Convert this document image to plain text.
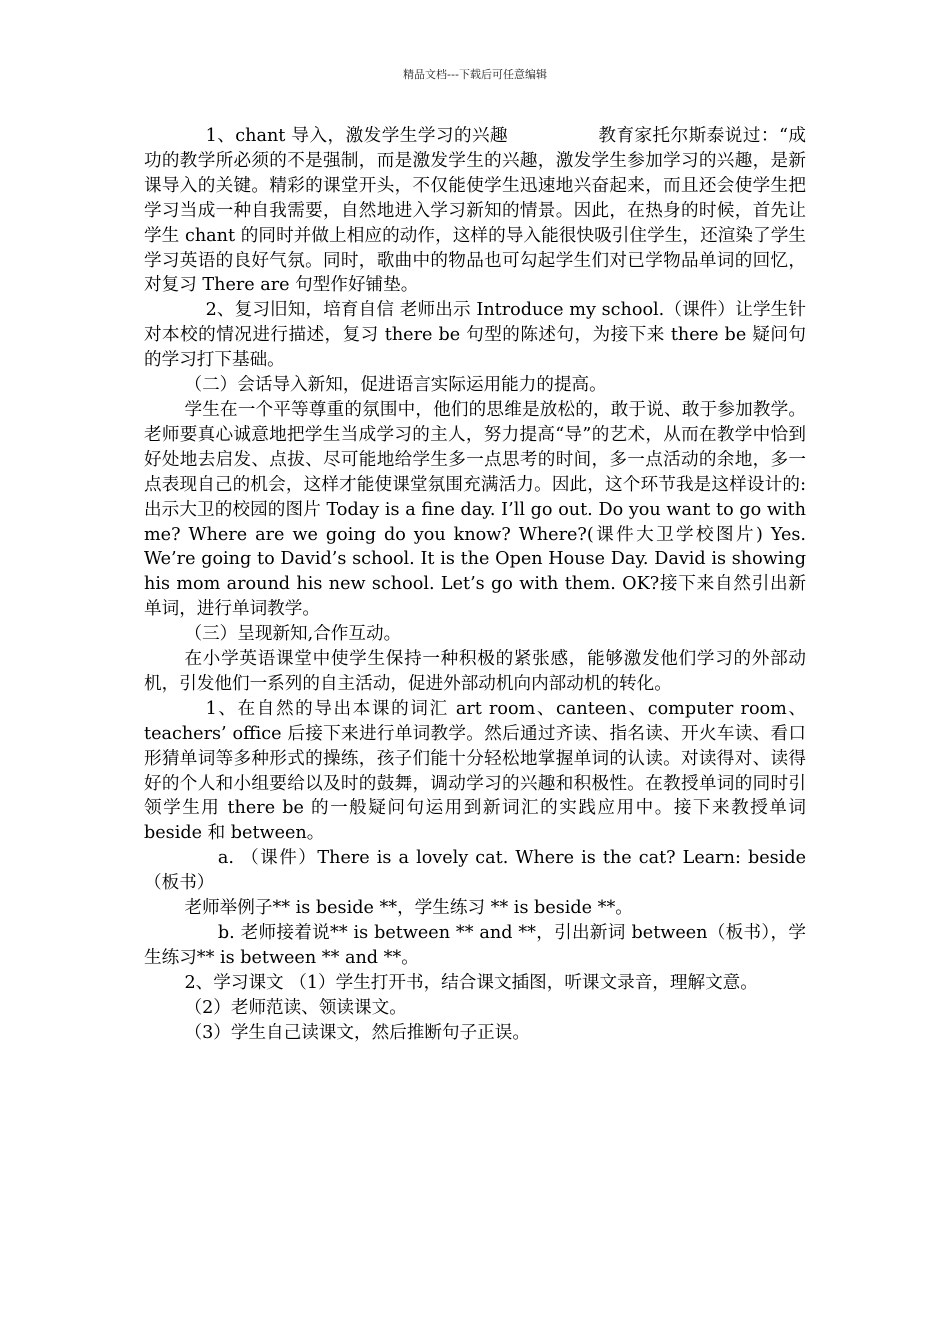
精品文档---下载后可任意编辑

1、chant 导入，激发学生学习的兴趣　　　　　教育家托尔斯泰说过：“成功的教学所必须的不是强制，而是激发学生的兴趣，激发学生参加学习的兴趣，是新课导入的关键。精彩的课堂开头，不仅能使学生迅速地兴奋起来，而且还会使学生把学习当成一种自我需要，自然地进入学习新知的情景。因此，在热身的时候，首先让学生 chant 的同时并做上相应的动作，这样的导入能很快吸引住学生，还渲染了学生学习英语的良好气氛。同时，歌曲中的物品也可勾起学生们对已学物品单词的回忆，对复习 There are 句型作好铺垫。

2、复习旧知，培育自信 老师出示 Introduce my school.（课件）让学生针对本校的情况进行描述，复习 there be 句型的陈述句，为接下来 there be 疑问句的学习打下基础。

（二）会话导入新知，促进语言实际运用能力的提高。

学生在一个平等尊重的氛围中，他们的思维是放松的，敢于说、敢于参加教学。老师要真心诚意地把学生当成学习的主人，努力提高“导”的艺术，从而在教学中恰到好处地去启发、点拔、尽可能地给学生多一点思考的时间，多一点活动的余地，多一点表现自己的机会，这样才能使课堂氛围充满活力。因此，这个环节我是这样设计的: 出示大卫的校园的图片 Today is a fine day. I’ll go out. Do you want to go with me? Where are we going do you know? Where?(课件大卫学校图片) Yes. We’re going to David’s school. It is the Open House Day. David is showing his mom around his new school. Let’s go with them. OK?接下来自然引出新单词，进行单词教学。

（三）呈现新知,合作互动。

在小学英语课堂中使学生保持一种积极的紧张感，能够激发他们学习的外部动机，引发他们一系列的自主活动，促进外部动机向内部动机的转化。

1、在自然的导出本课的词汇 art room、canteen、computer room、teachers’ office 后接下来进行单词教学。然后通过齐读、指名读、开火车读、看口形猜单词等多种形式的操练，孩子们能十分轻松地掌握单词的认读。对读得对、读得好的个人和小组要给以及时的鼓舞，调动学习的兴趣和积极性。在教授单词的同时引领学生用 there be 的一般疑问句运用到新词汇的实践应用中。接下来教授单词 beside 和 between。

a. （课件）There is a lovely cat. Where is the cat? Learn: beside（板书）

老师举例子** is beside **，学生练习 ** is beside **。

b. 老师接着说** is between ** and **，引出新词 between（板书），学生练习** is between ** and **。

2、学习课文 （1）学生打开书，结合课文插图，听课文录音，理解文意。

（2）老师范读、领读课文。

（3）学生自己读课文，然后推断句子正误。
